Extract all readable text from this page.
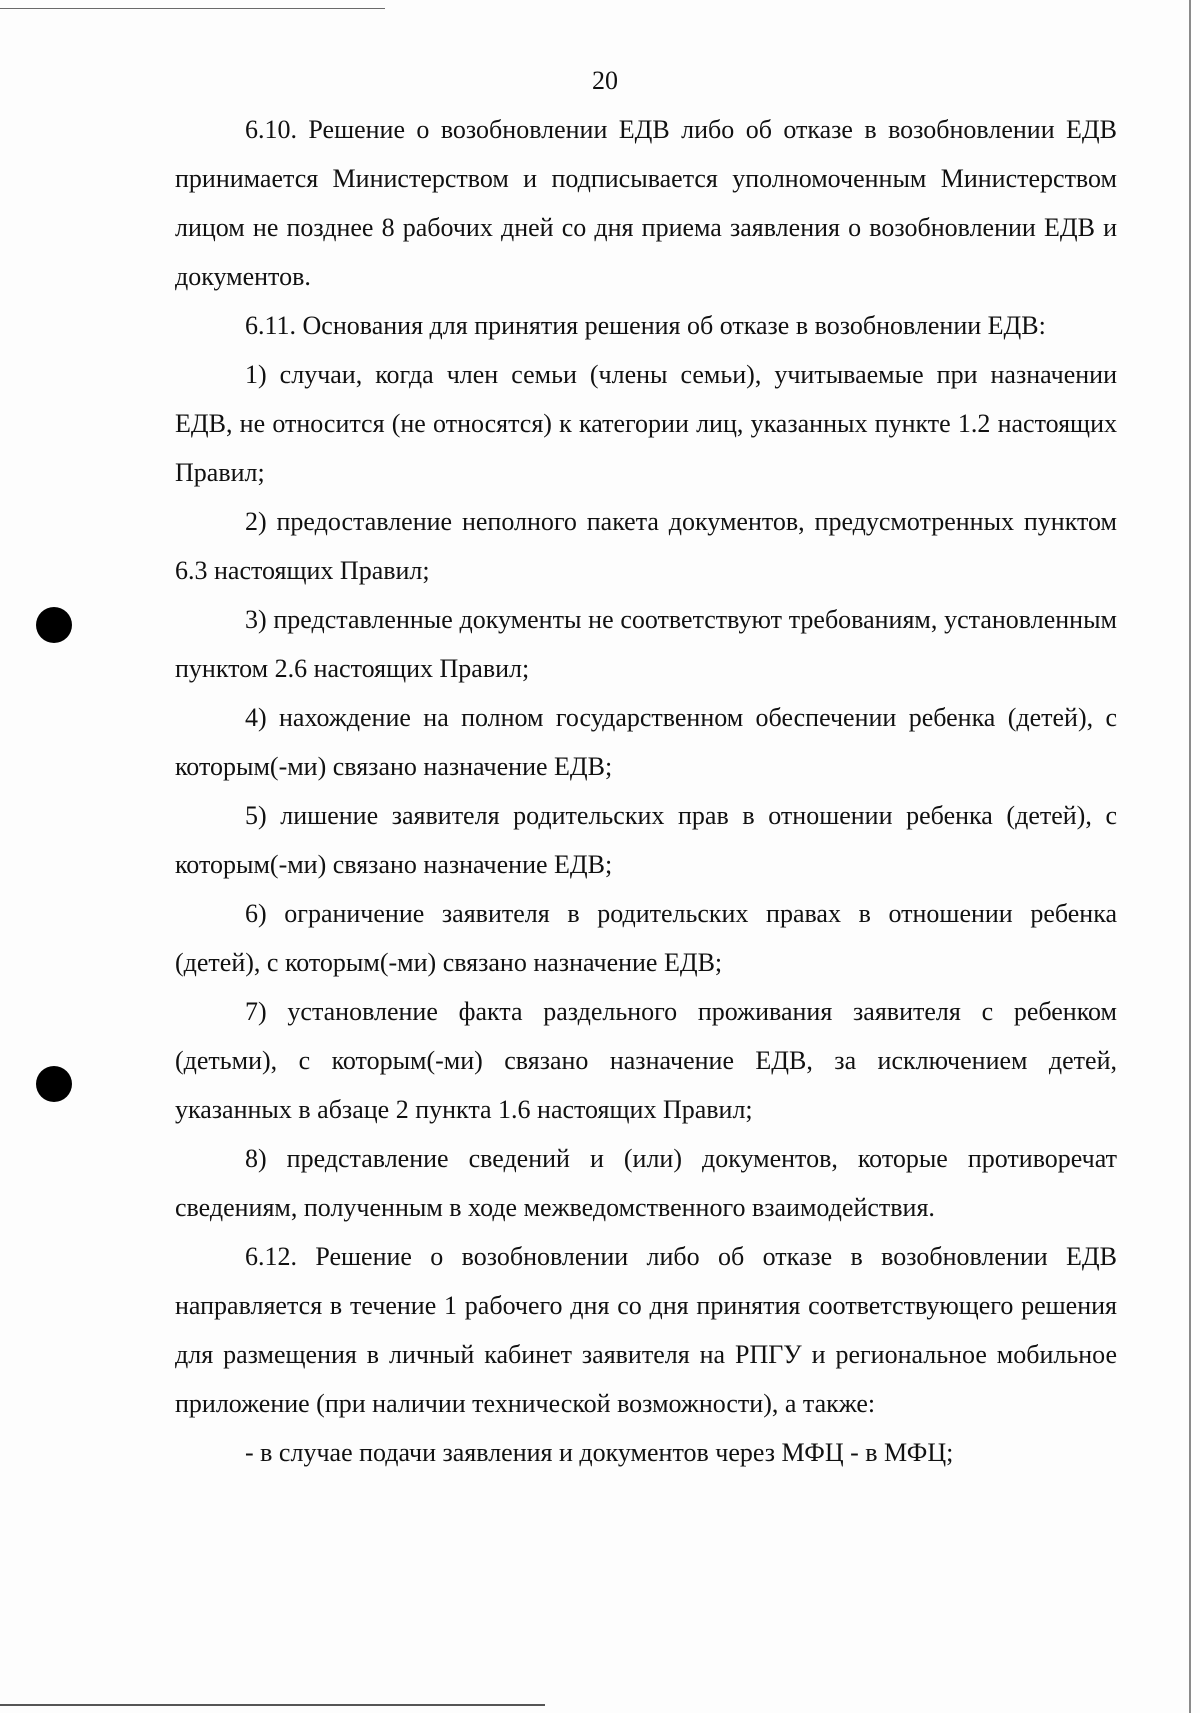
20

6.10. Решение о возобновлении ЕДВ либо об отказе в возобновлении ЕДВ принимается Министерством и подписывается уполномоченным Министерством лицом не позднее 8 рабочих дней со дня приема заявления о возобновлении ЕДВ и документов.

6.11. Основания для принятия решения об отказе в возобновлении ЕДВ:

1) случаи, когда член семьи (члены семьи), учитываемые при назначении ЕДВ, не относится (не относятся) к категории лиц, указанных пункте 1.2 настоящих Правил;

2) предоставление неполного пакета документов, предусмотренных пунктом 6.3 настоящих Правил;

3) представленные документы не соответствуют требованиям, установленным пунктом 2.6 настоящих Правил;

4) нахождение на полном государственном обеспечении ребенка (детей), с которым(-ми) связано назначение ЕДВ;

5) лишение заявителя родительских прав в отношении ребенка (детей), с которым(-ми) связано назначение ЕДВ;

6) ограничение заявителя в родительских правах в отношении ребенка (детей), с которым(-ми) связано назначение ЕДВ;

7) установление факта раздельного проживания заявителя с ребенком (детьми), с которым(-ми) связано назначение ЕДВ, за исключением детей, указанных в абзаце 2 пункта 1.6 настоящих Правил;

8) представление сведений и (или) документов, которые противоречат сведениям, полученным в ходе межведомственного взаимодействия.

6.12. Решение о возобновлении либо об отказе в возобновлении ЕДВ направляется в течение 1 рабочего дня со дня принятия соответствующего решения для размещения в личный кабинет заявителя на РПГУ и региональное мобильное приложение (при наличии технической возможности), а также:

- в случае подачи заявления и документов через МФЦ - в МФЦ;
